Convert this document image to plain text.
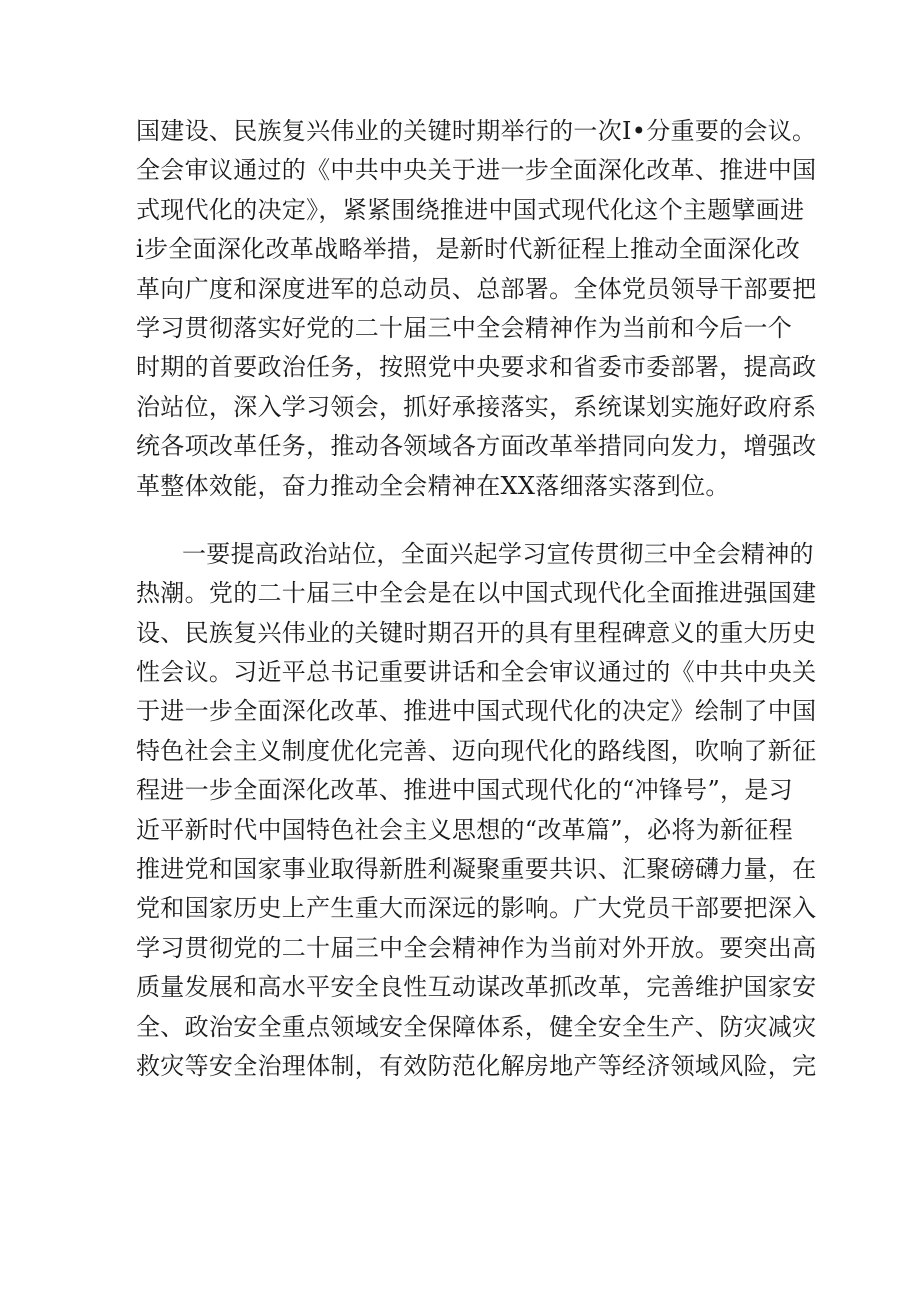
国建设、民族复兴伟业的关键时期举行的一次I•分重要的会议。
全会审议通过的《中共中央关于进一步全面深化改革、推进中国
式现代化的决定》，紧紧围绕推进中国式现代化这个主题擘画进
i步全面深化改革战略举措，是新时代新征程上推动全面深化改
革向广度和深度进军的总动员、总部署。全体党员领导干部要把
学习贯彻落实好党的二十届三中全会精神作为当前和今后一个
时期的首要政治任务，按照党中央要求和省委市委部署，提高政
治站位，深入学习领会，抓好承接落实，系统谋划实施好政府系
统各项改革任务，推动各领域各方面改革举措同向发力，增强改
革整体效能，奋力推动全会精神在XX落细落实落到位。
一要提高政治站位，全面兴起学习宣传贯彻三中全会精神的
热潮。党的二十届三中全会是在以中国式现代化全面推进强国建
设、民族复兴伟业的关键时期召开的具有里程碑意义的重大历史
性会议。习近平总书记重要讲话和全会审议通过的《中共中央关
于进一步全面深化改革、推进中国式现代化的决定》绘制了中国
特色社会主义制度优化完善、迈向现代化的路线图，吹响了新征
程进一步全面深化改革、推进中国式现代化的“冲锋号”，是习
近平新时代中国特色社会主义思想的“改革篇”，必将为新征程
推进党和国家事业取得新胜利凝聚重要共识、汇聚磅礴力量，在
党和国家历史上产生重大而深远的影响。广大党员干部要把深入
学习贯彻党的二十届三中全会精神作为当前对外开放。要突出高
质量发展和高水平安全良性互动谋改革抓改革，完善维护国家安
全、政治安全重点领域安全保障体系，健全安全生产、防灾减灾
救灾等安全治理体制，有效防范化解房地产等经济领域风险，完
